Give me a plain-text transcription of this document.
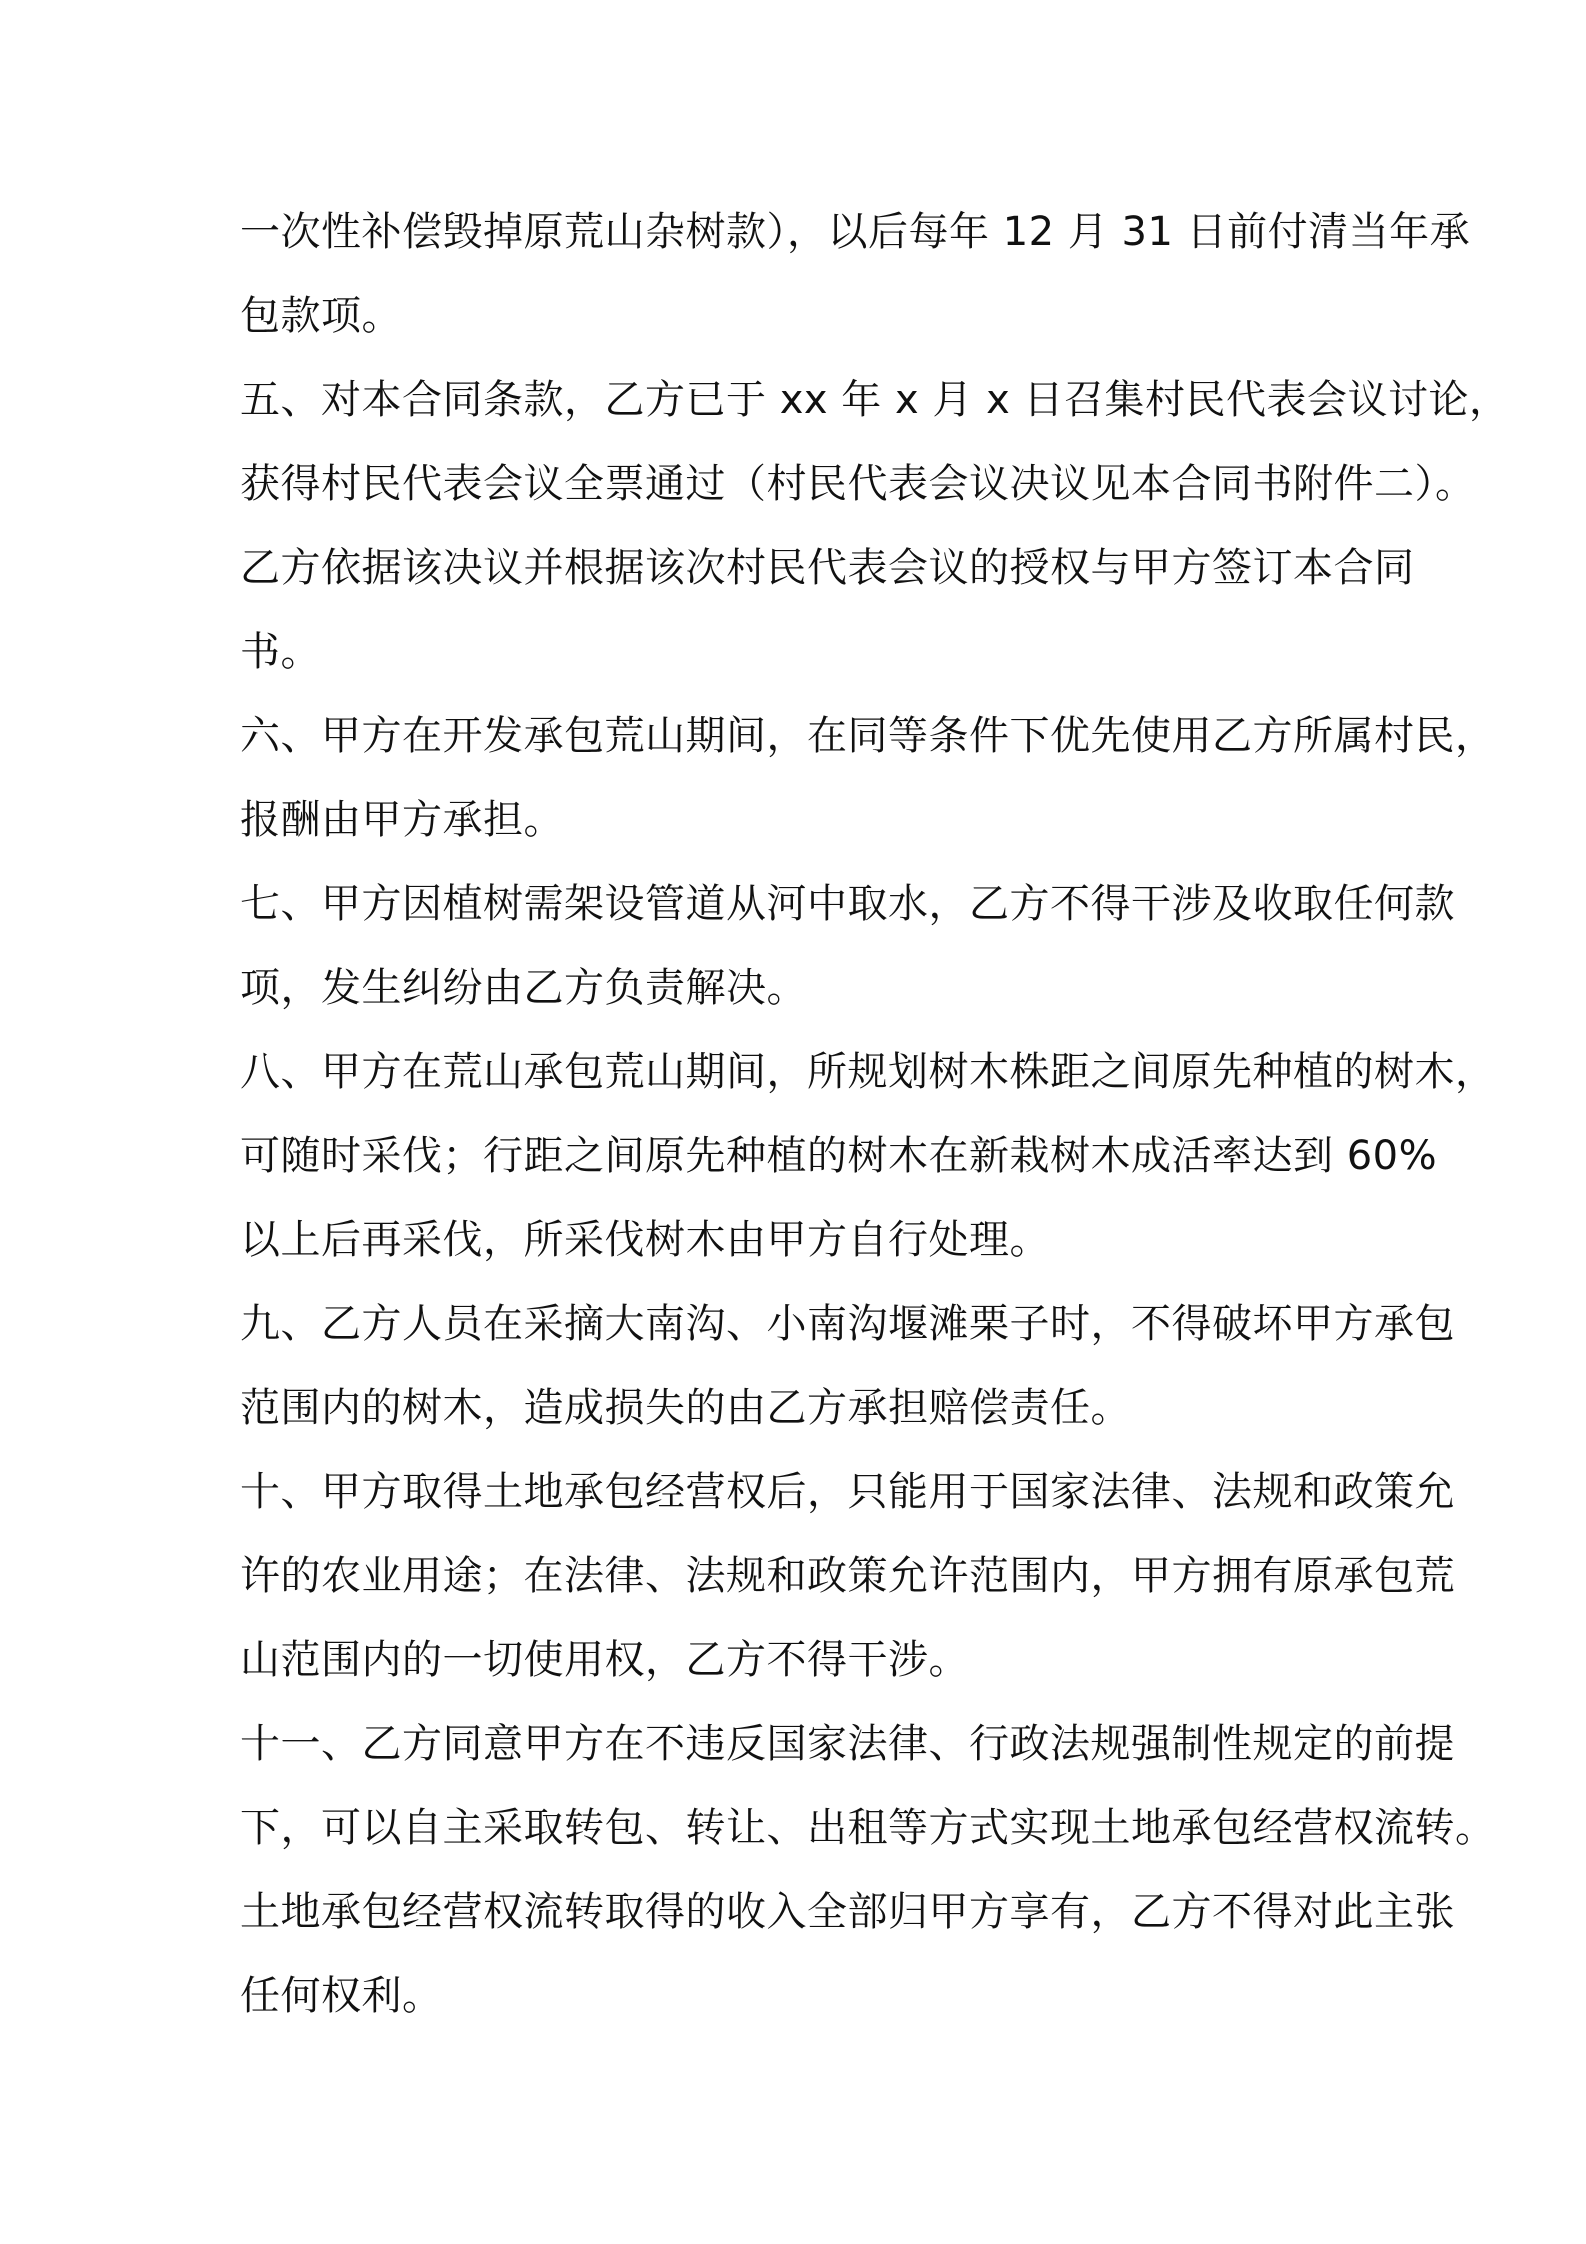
一次性补偿毁掉原荒山杂树款），以后每年 12 月 31 日前付清当年承
包款项。
五、对本合同条款，乙方已于 xx 年 x 月 x 日召集村民代表会议讨论，
获得村民代表会议全票通过（村民代表会议决议见本合同书附件二）。
乙方依据该决议并根据该次村民代表会议的授权与甲方签订本合同
书。
六、甲方在开发承包荒山期间，在同等条件下优先使用乙方所属村民，
报酬由甲方承担。
七、甲方因植树需架设管道从河中取水，乙方不得干涉及收取任何款
项，发生纠纷由乙方负责解决。
八、甲方在荒山承包荒山期间，所规划树木株距之间原先种植的树木，
可随时采伐；行距之间原先种植的树木在新栽树木成活率达到 60%
以上后再采伐，所采伐树木由甲方自行处理。
九、乙方人员在采摘大南沟、小南沟堰滩栗子时，不得破坏甲方承包
范围内的树木，造成损失的由乙方承担赔偿责任。
十、甲方取得土地承包经营权后，只能用于国家法律、法规和政策允
许的农业用途；在法律、法规和政策允许范围内，甲方拥有原承包荒
山范围内的一切使用权，乙方不得干涉。
十一、乙方同意甲方在不违反国家法律、行政法规强制性规定的前提
下，可以自主采取转包、转让、出租等方式实现土地承包经营权流转。
土地承包经营权流转取得的收入全部归甲方享有，乙方不得对此主张
任何权利。
